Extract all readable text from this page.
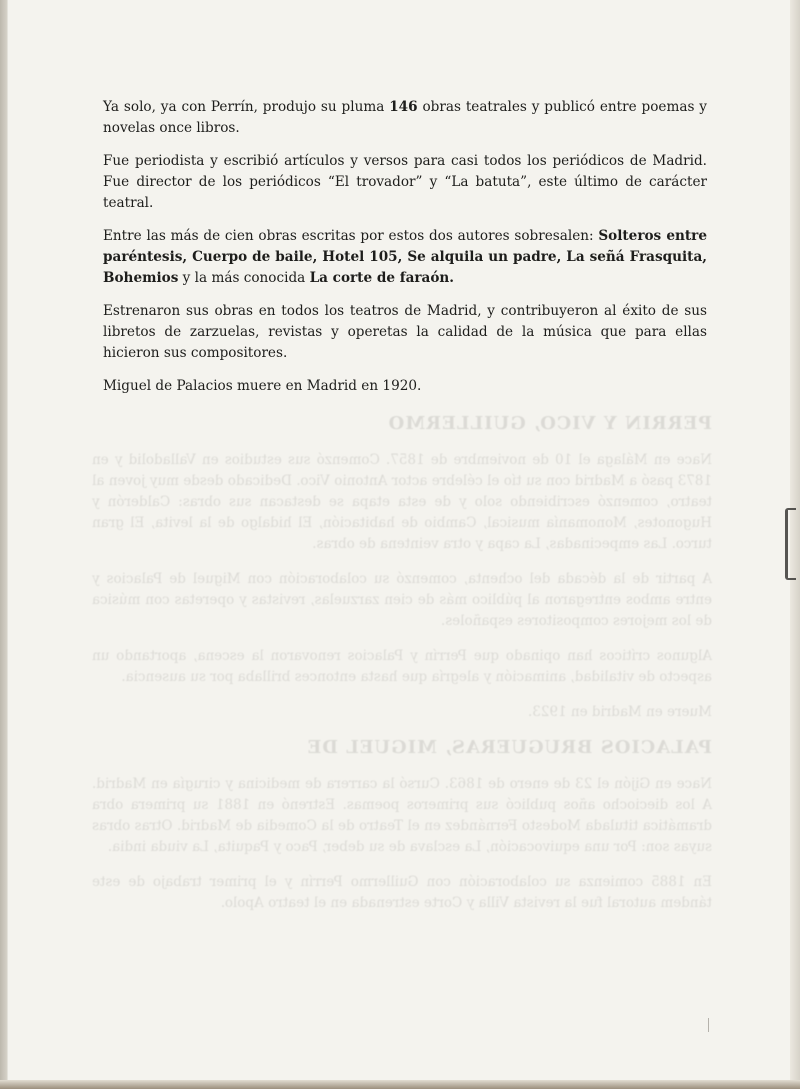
PERRIN Y VICO, GUILLERMO

Nace en Málaga el 10 de noviembre de 1857. Comenzó sus estudios en Valladolid y en 1873 pasó a Madrid con su tío el célebre actor Antonio Vico. Dedicado desde muy joven al teatro, comenzó escribiendo solo y de esta etapa se destacan sus obras: Calderón y Hugonotes, Monomanía musical, Cambio de habitación, El hidalgo de la levita, El gran turco. Las empecinadas, La capa y otra veintena de obras.

A partir de la década del ochenta, comenzó su colaboración con Miguel de Palacios y entre ambos entregaron al público más de cien zarzuelas, revistas y operetas con música de los mejores compositores españoles.

Algunos críticos han opinado que Perrín y Palacios renovaron la escena, aportando un aspecto de vitalidad, animación y alegría que hasta entonces brillaba por su ausencia.

Muere en Madrid en 1923.

PALACIOS BRUGUERAS, MIGUEL DE

Nace en Gijón el 23 de enero de 1863. Cursó la carrera de medicina y cirugía en Madrid. A los dieciocho años publicó sus primeros poemas. Estrenó en 1881 su primera obra dramática titulada Modesto Fernández en el Teatro de la Comedia de Madrid. Otras obras suyas son: Por una equivocación, La esclava de su deber, Paco y Paquita, La viuda india.

En 1885 comienza su colaboración con Guillermo Perrín y el primer trabajo de este tándem autoral fue la revista Villa y Corte estrenada en el teatro Apolo.

Ya solo, ya con Perrín, produjo su pluma 146 obras teatrales y publicó entre poemas y novelas once libros.

Fue periodista y escribió artículos y versos para casi todos los periódicos de Madrid. Fue director de los periódicos “El trovador” y “La batuta”, este último de carácter teatral.

Entre las más de cien obras escritas por estos dos autores sobresalen: Solteros entre paréntesis, Cuerpo de baile, Hotel 105, Se alquila un padre, La señá Frasquita, Bohemios y la más conocida La corte de faraón.

Estrenaron sus obras en todos los teatros de Madrid, y contribuyeron al éxito de sus libretos de zarzuelas, revistas y operetas la calidad de la música que para ellas hicieron sus compositores.

Miguel de Palacios muere en Madrid en 1920.
